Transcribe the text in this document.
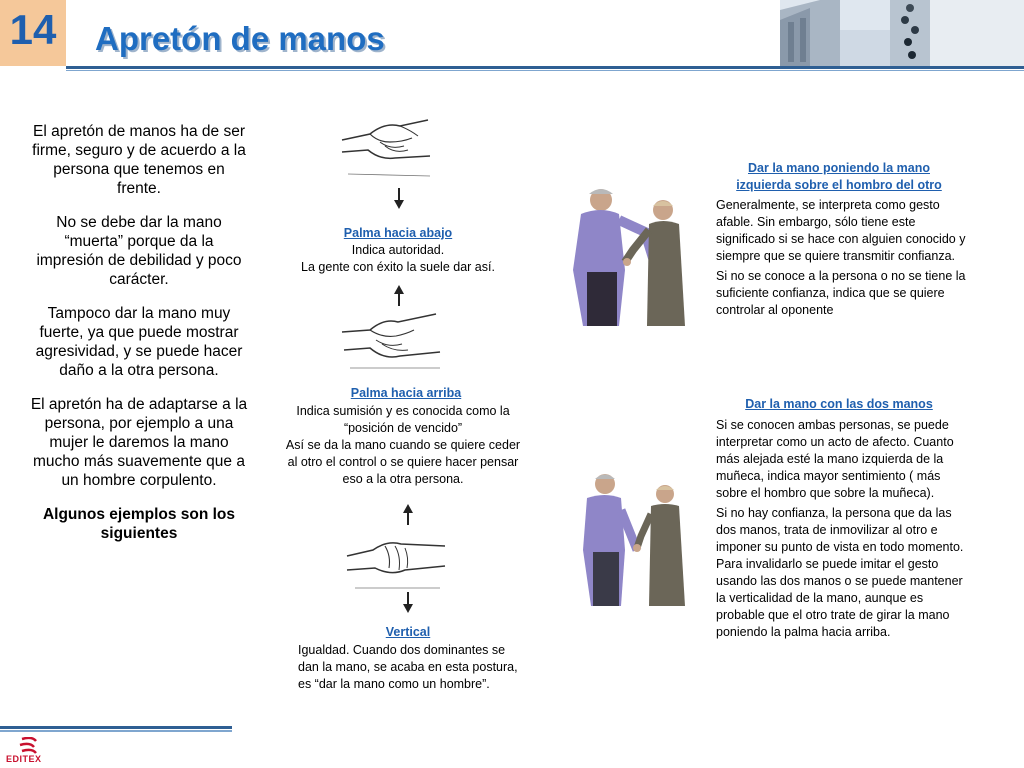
14 Apretón de manos

El apretón de manos ha de ser firme, seguro y de acuerdo a la persona que tenemos en frente.

No se debe dar la mano “muerta” porque da la impresión de debilidad y poco carácter.

Tampoco dar la mano muy fuerte, ya que puede mostrar agresividad, y se puede hacer daño a la otra persona.

El apretón ha de adaptarse a la persona, por ejemplo a una mujer le daremos la mano mucho más suavemente que a un hombre corpulento.

Algunos ejemplos son los siguientes

Palma hacia abajo
Indica autoridad.
La gente con éxito la suele dar así.
Palma hacia arriba
Indica sumisión y es conocida como la “posición de vencido”
Así se da la mano cuando se quiere ceder al otro el control o se quiere hacer pensar eso a la otra persona.
Vertical
Igualdad. Cuando dos dominantes se dan la mano, se acaba en esta postura, es “dar la mano como un hombre”.
Dar la mano poniendo la mano
izquierda sobre el hombro del otro

Generalmente, se interpreta como gesto afable. Sin embargo, sólo tiene este significado si se hace con alguien conocido y siempre que se quiere transmitir confianza.

Si no se conoce a la persona o no se tiene la suficiente confianza, indica que se quiere controlar al oponente

Dar la mano con las dos manos

Si se conocen ambas personas, se puede interpretar como un acto de afecto. Cuanto más alejada esté la mano izquierda de la muñeca, indica mayor sentimiento ( más sobre el hombro que sobre la muñeca).

Si no hay confianza, la persona que da las dos manos, trata de inmovilizar al otro e imponer su punto de vista en todo momento. Para invalidarlo se puede imitar el gesto usando las dos manos o se puede mantener la verticalidad de la mano, aunque es probable que el otro trate de girar la mano poniendo la palma hacia arriba.

EDITEX
